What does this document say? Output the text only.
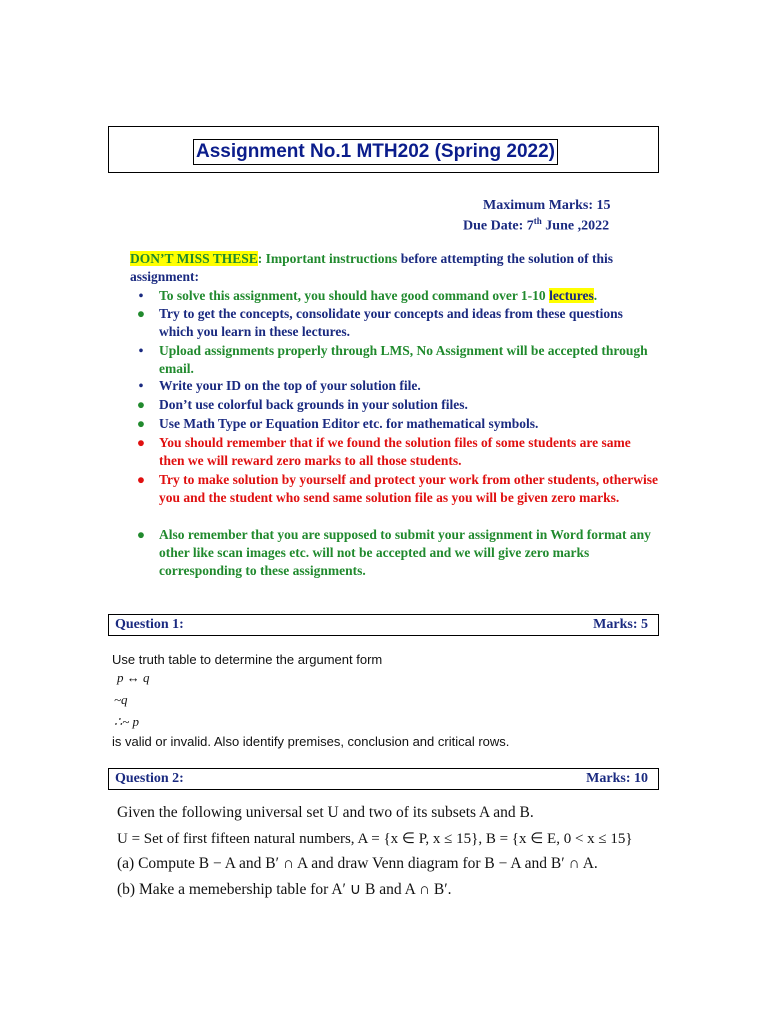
Assignment No.1 MTH202 (Spring 2022)
Maximum Marks: 15
Due Date: 7th June ,2022
DON’T MISS THESE: Important instructions before attempting the solution of this assignment:
•	To solve this assignment, you should have good command over 1-10 lectures.
●	Try to get the concepts, consolidate your concepts and ideas from these questions which you learn in these lectures.
•	Upload assignments properly through LMS, No Assignment will be accepted through email.
•	Write your ID on the top of your solution file.
●	Don’t use colorful back grounds in your solution files.
●	Use Math Type or Equation Editor etc. for mathematical symbols.
●	You should remember that if we found the solution files of some students are same then we will reward zero marks to all those students.
●	Try to make solution by yourself and protect your work from other students, otherwise you and the student who send same solution file as you will be given zero marks.
●	Also remember that you are supposed to submit your assignment in Word format any other like scan images etc. will not be accepted and we will give zero marks corresponding to these assignments.
Question 1:	Marks: 5
Use truth table to determine the argument form
p ↔ q
~q
∴~ p
is valid or invalid. Also identify premises, conclusion and critical rows.
Question 2:	Marks: 10
Given the following universal set U and two of its subsets A and B.
U = Set of first fifteen natural numbers, A = {x ∈ P, x ≤ 15}, B = {x ∈ E, 0 < x ≤ 15}
(a) Compute B − A and B′ ∩ A and draw Venn diagram for B − A and B′ ∩ A.
(b) Make a memebership table for A′ ∪ B and A ∩ B′.
